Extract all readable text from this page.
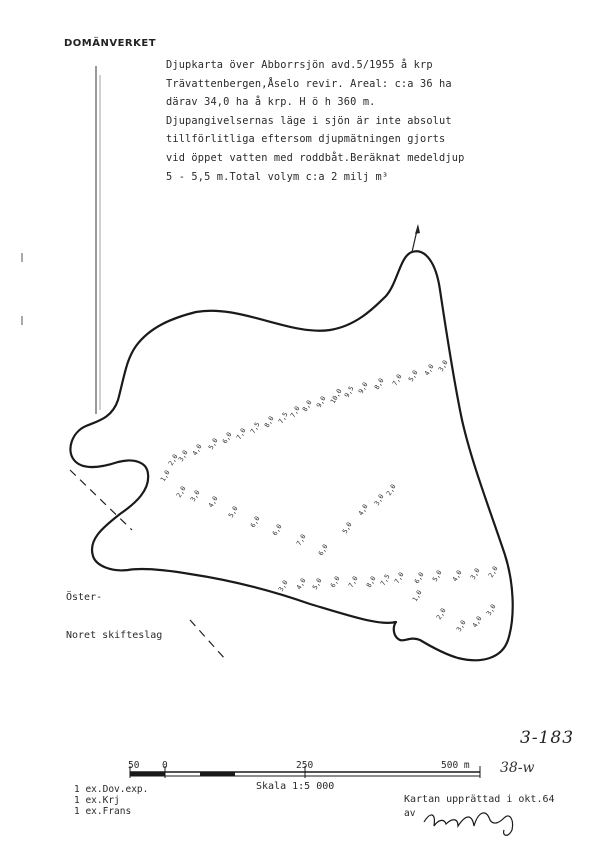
DOMÄNVERKET
Djupkarta över Abborrsjön avd.5/1955 å krp
Trävattenbergen,Åselo revir. Areal: c:a 36 ha
därav 34,0 ha å krp. H ö h 360 m.
Djupangivelsernas läge i sjön är inte absolut
tillförlitliga eftersom djupmätningen gjorts
vid öppet vatten med roddbåt.Beräknat medeldjup
5 - 5,5 m.Total volym c:a 2 milj m³
1,0
2,0
3,0 4,0 5,0 6,0 7,0 7,5 8,0 7,5 7,0 8,0 9,0 10,0 9,5 9,0 8,0 7,0 5,0 4,0 3,0
2,0 3,0 4,0
5,0
6,0
6,0
7,0
6,0
5,0
4,0
3,0
2,0
3,0 4,0 5,0 6,0 7,0 8,0 7,5 7,0 6,0 5,0 4,0 3,0 2,0
1,0
2,0
3,0 4,0
3,0
Öster-
Noret skifteslag
3-183
38-w
50 0	250	500 m
Skala 1:5 000
1 ex.Dov.exp.
1 ex.Krj
1 ex.Frans
Kartan upprättad i okt.64
av
